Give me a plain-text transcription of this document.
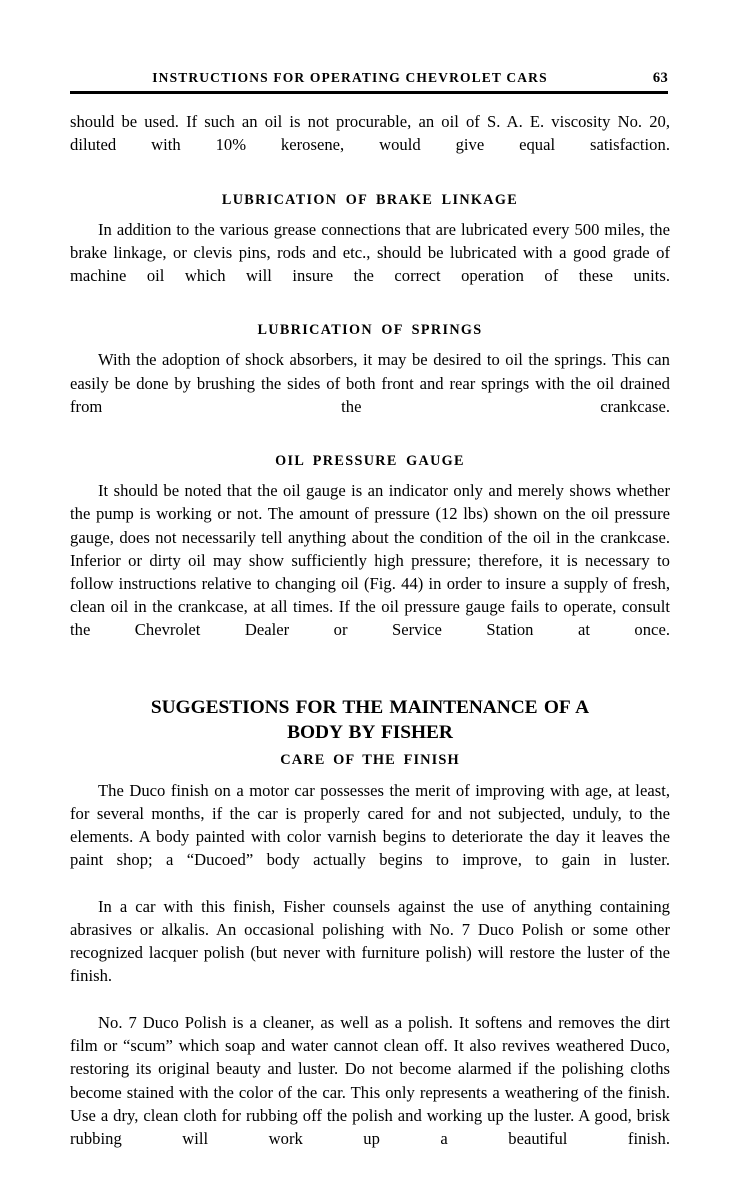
INSTRUCTIONS FOR OPERATING CHEVROLET CARS	63

should be used. If such an oil is not procurable, an oil of S. A. E. viscosity No. 20, diluted with 10% kerosene, would give equal satisfaction.

LUBRICATION OF BRAKE LINKAGE

In addition to the various grease connections that are lubricated every 500 miles, the brake linkage, or clevis pins, rods and etc., should be lubricated with a good grade of machine oil which will insure the correct operation of these units.

LUBRICATION OF SPRINGS

With the adoption of shock absorbers, it may be desired to oil the springs. This can easily be done by brushing the sides of both front and rear springs with the oil drained from the crankcase.

OIL PRESSURE GAUGE

It should be noted that the oil gauge is an indicator only and merely shows whether the pump is working or not. The amount of pressure (12 lbs) shown on the oil pressure gauge, does not necessarily tell anything about the condition of the oil in the crankcase. Inferior or dirty oil may show sufficiently high pressure; therefore, it is necessary to follow instructions relative to changing oil (Fig. 44) in order to insure a supply of fresh, clean oil in the crankcase, at all times. If the oil pressure gauge fails to operate, consult the Chevrolet Dealer or Service Station at once.

SUGGESTIONS FOR THE MAINTENANCE OF A
BODY BY FISHER
CARE OF THE FINISH

The Duco finish on a motor car possesses the merit of improving with age, at least, for several months, if the car is properly cared for and not subjected, unduly, to the elements. A body painted with color varnish begins to deteriorate the day it leaves the paint shop; a “Ducoed” body actually begins to improve, to gain in luster.

In a car with this finish, Fisher counsels against the use of anything containing abrasives or alkalis. An occasional polishing with No. 7 Duco Polish or some other recognized lacquer polish (but never with furniture polish) will restore the luster of the finish.

No. 7 Duco Polish is a cleaner, as well as a polish. It softens and removes the dirt film or “scum” which soap and water cannot clean off. It also revives weathered Duco, restoring its original beauty and luster. Do not become alarmed if the polishing cloths become stained with the color of the car. This only represents a weathering of the finish. Use a dry, clean cloth for rubbing off the polish and working up the luster. A good, brisk rubbing will work up a beautiful finish.
